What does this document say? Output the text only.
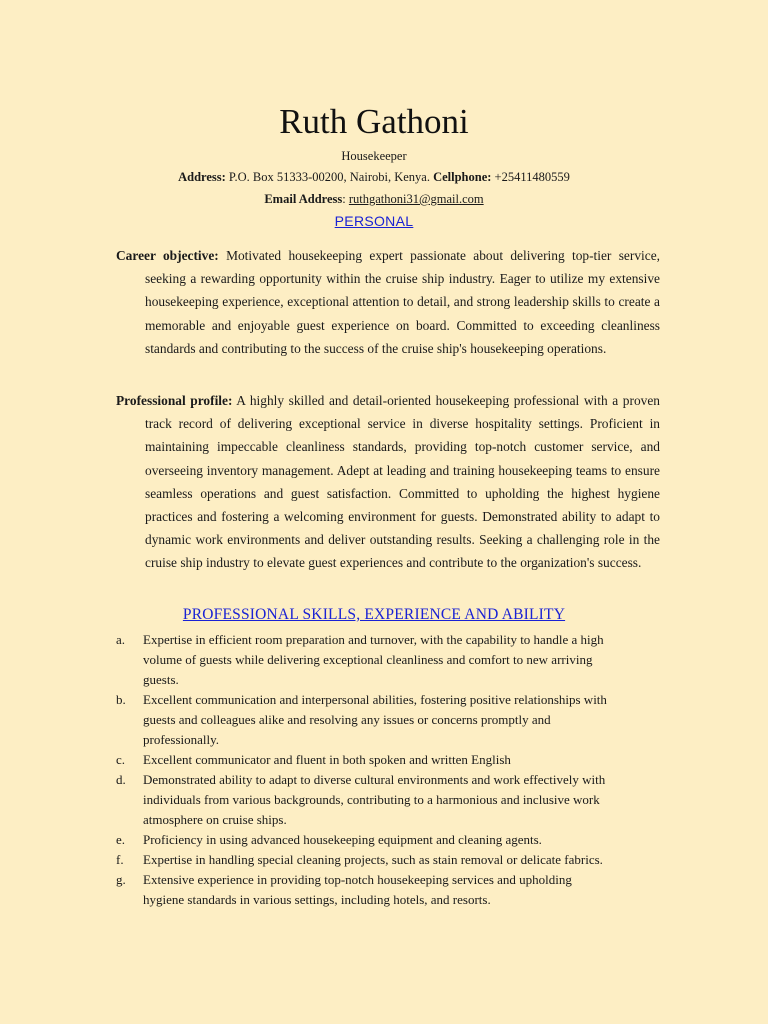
Ruth Gathoni
Housekeeper
Address: P.O. Box 51333-00200, Nairobi, Kenya. Cellphone: +25411480559
Email Address: ruthgathoni31@gmail.com
PERSONAL
Career objective: Motivated housekeeping expert passionate about delivering top-tier service, seeking a rewarding opportunity within the cruise ship industry. Eager to utilize my extensive housekeeping experience, exceptional attention to detail, and strong leadership skills to create a memorable and enjoyable guest experience on board. Committed to exceeding cleanliness standards and contributing to the success of the cruise ship's housekeeping operations.
Professional profile: A highly skilled and detail-oriented housekeeping professional with a proven track record of delivering exceptional service in diverse hospitality settings. Proficient in maintaining impeccable cleanliness standards, providing top-notch customer service, and overseeing inventory management. Adept at leading and training housekeeping teams to ensure seamless operations and guest satisfaction. Committed to upholding the highest hygiene practices and fostering a welcoming environment for guests. Demonstrated ability to adapt to dynamic work environments and deliver outstanding results. Seeking a challenging role in the cruise ship industry to elevate guest experiences and contribute to the organization's success.
PROFESSIONAL SKILLS, EXPERIENCE AND ABILITY
a. Expertise in efficient room preparation and turnover, with the capability to handle a high volume of guests while delivering exceptional cleanliness and comfort to new arriving guests.
b. Excellent communication and interpersonal abilities, fostering positive relationships with guests and colleagues alike and resolving any issues or concerns promptly and professionally.
c. Excellent communicator and fluent in both spoken and written English
d. Demonstrated ability to adapt to diverse cultural environments and work effectively with individuals from various backgrounds, contributing to a harmonious and inclusive work atmosphere on cruise ships.
e. Proficiency in using advanced housekeeping equipment and cleaning agents.
f. Expertise in handling special cleaning projects, such as stain removal or delicate fabrics.
g. Extensive experience in providing top-notch housekeeping services and upholding hygiene standards in various settings, including hotels, and resorts.
